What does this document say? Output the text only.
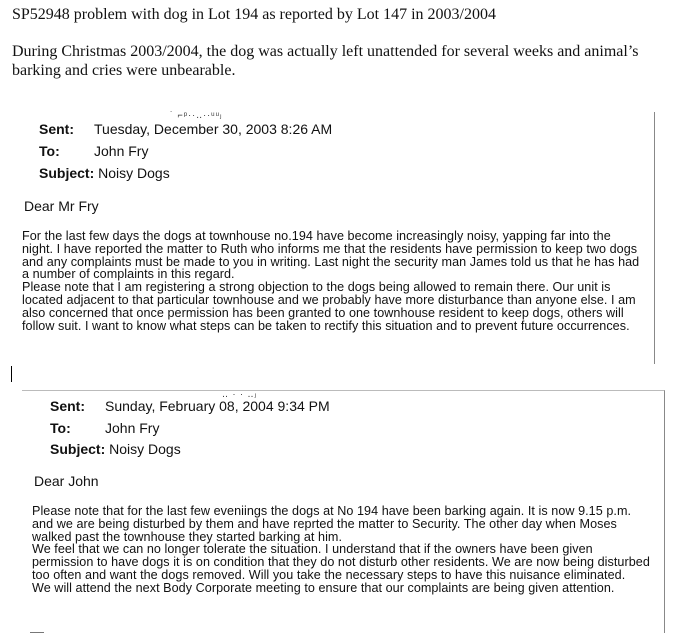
SP52948 problem with dog in Lot 194 as reported by Lot 147 in 2003/2004
During Christmas 2003/2004, the dog was actually left unattended for several weeks and animal’s barking and cries were unbearable.
˙ ⌐ᵖ··‥··ᵘᵘⱼ
Sent: Tuesday, December 30, 2003 8:26 AM
To: John Fry
Subject: Noisy Dogs
Dear Mr Fry

For the last few days the dogs at townhouse no.194 have become increasingly noisy, yapping far into the

night. I have reported the matter to Ruth who informs me that the residents have permission to keep two dogs

and any complaints must be made to you in writing. Last night the security man James told us that he has had

a number of complaints in this regard.

Please note that I am registering a strong objection to the dogs being allowed to remain there. Our unit is

located adjacent to that particular townhouse and we probably have more disturbance than anyone else. I am

also concerned that once permission has been granted to one townhouse resident to keep dogs, others will

follow suit. I want to know what steps can be taken to rectify this situation and to prevent future occurrences.

‥ · · ‥ⱼ
Sent: Sunday, February 08, 2004 9:34 PM
To: John Fry
Subject: Noisy Dogs
Dear John

Please note that for the last few eveniings the dogs at No 194 have been barking again. It is now 9.15 p.m.

and we are being disturbed by them and have reprted the matter to Security. The other day when Moses

walked past the townhouse they started barking at him.

We feel that we can no longer tolerate the situation. I understand that if the owners have been given

permission to have dogs it is on condition that they do not disturb other residents. We are now being disturbed

too often and want the dogs removed. Will you take the necessary steps to have this nuisance eliminated.

We will attend the next Body Corporate meeting to ensure that our complaints are being given attention.
